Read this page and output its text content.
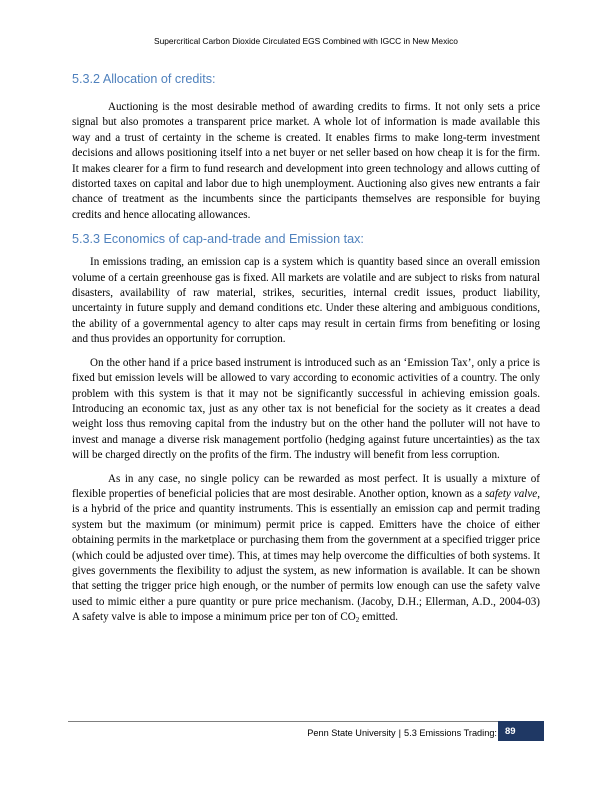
Supercritical Carbon Dioxide Circulated EGS Combined with IGCC in New Mexico
5.3.2 Allocation of credits:

Auctioning is the most desirable method of awarding credits to firms. It not only sets a price signal but also promotes a transparent price market. A whole lot of information is made available this way and a trust of certainty in the scheme is created. It enables firms to make long-term investment decisions and allows positioning itself into a net buyer or net seller based on how cheap it is for the firm. It makes clearer for a firm to fund research and development into green technology and allows cutting of distorted taxes on capital and labor due to high unemployment. Auctioning also gives new entrants a fair chance of treatment as the incumbents since the participants themselves are responsible for buying credits and hence allocating allowances.

5.3.3 Economics of cap-and-trade and Emission tax:

In emissions trading, an emission cap is a system which is quantity based since an overall emission volume of a certain greenhouse gas is fixed. All markets are volatile and are subject to risks from natural disasters, availability of raw material, strikes, securities, internal credit issues, product liability, uncertainty in future supply and demand conditions etc. Under these altering and ambiguous conditions, the ability of a governmental agency to alter caps may result in certain firms from benefiting or losing and thus provides an opportunity for corruption.

On the other hand if a price based instrument is introduced such as an ‘Emission Tax’, only a price is fixed but emission levels will be allowed to vary according to economic activities of a country. The only problem with this system is that it may not be significantly successful in achieving emission goals. Introducing an economic tax, just as any other tax is not beneficial for the society as it creates a dead weight loss thus removing capital from the industry but on the other hand the polluter will not have to invest and manage a diverse risk management portfolio (hedging against future uncertainties) as the tax will be charged directly on the profits of the firm. The industry will benefit from less corruption.

As in any case, no single policy can be rewarded as most perfect. It is usually a mixture of flexible properties of beneficial policies that are most desirable. Another option, known as a safety valve, is a hybrid of the price and quantity instruments. This is essentially an emission cap and permit trading system but the maximum (or minimum) permit price is capped. Emitters have the choice of either obtaining permits in the marketplace or purchasing them from the government at a specified trigger price (which could be adjusted over time). This, at times may help overcome the difficulties of both systems. It gives governments the flexibility to adjust the system, as new information is available. It can be shown that setting the trigger price high enough, or the number of permits low enough can use the safety valve used to mimic either a pure quantity or pure price mechanism. (Jacoby, D.H.; Ellerman, A.D., 2004-03) A safety valve is able to impose a minimum price per ton of $CO_2$ emitted.

Penn State University | 5.3 Emissions Trading: 89
